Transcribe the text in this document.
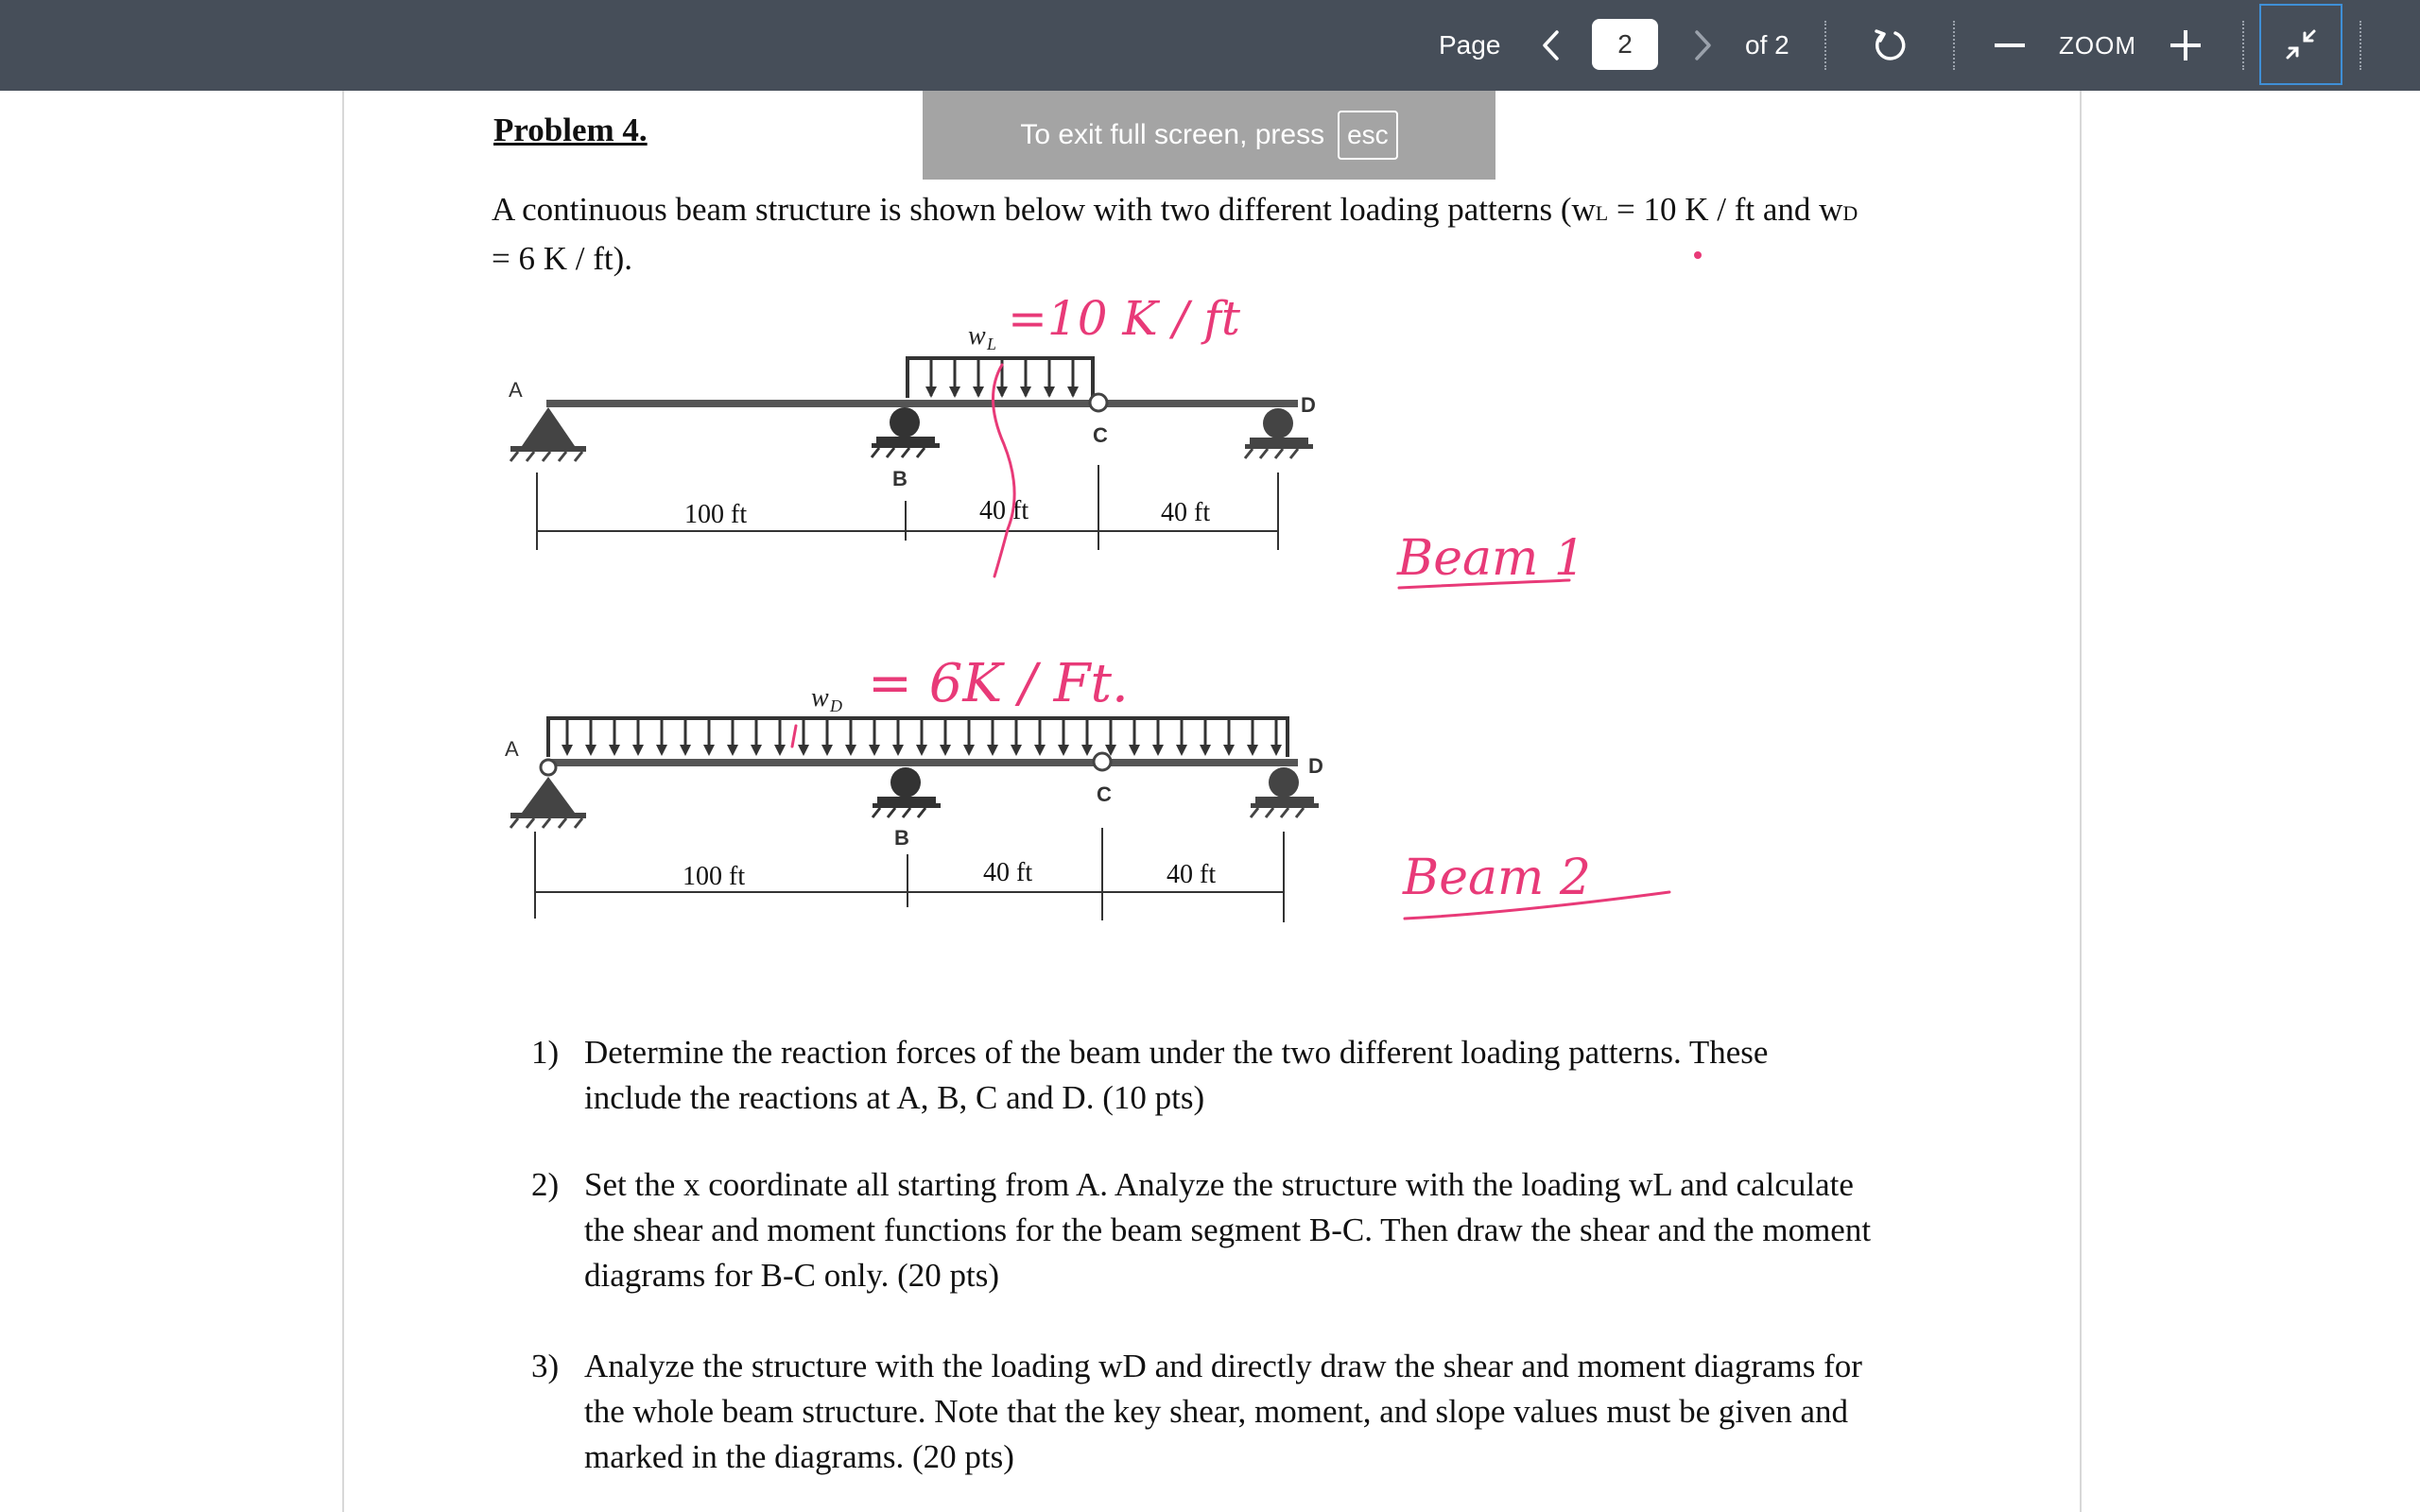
Page	2	of 2	ZOOM
Problem 4.
A continuous beam structure is shown below with two different loading patterns (wL = 10 K / ft and wD
= 6 K / ft).
w L
A
B
C
D
100 ft	40 ft	40 ft
w D
A
B
C
D
100 ft	40 ft	40 ft
=10 K / ft
= 6K / Ft.
Beam 1
Beam 2
1) Determine the reaction forces of the beam under the two different loading patterns. These
include the reactions at A, B, C and D. (10 pts)
2) Set the x coordinate all starting from A. Analyze the structure with the loading wL and calculate
the shear and moment functions for the beam segment B-C. Then draw the shear and the moment
diagrams for B-C only. (20 pts)
3) Analyze the structure with the loading wD and directly draw the shear and moment diagrams for
the whole beam structure. Note that the key shear, moment, and slope values must be given and
marked in the diagrams. (20 pts)
To exit full screen, press esc
